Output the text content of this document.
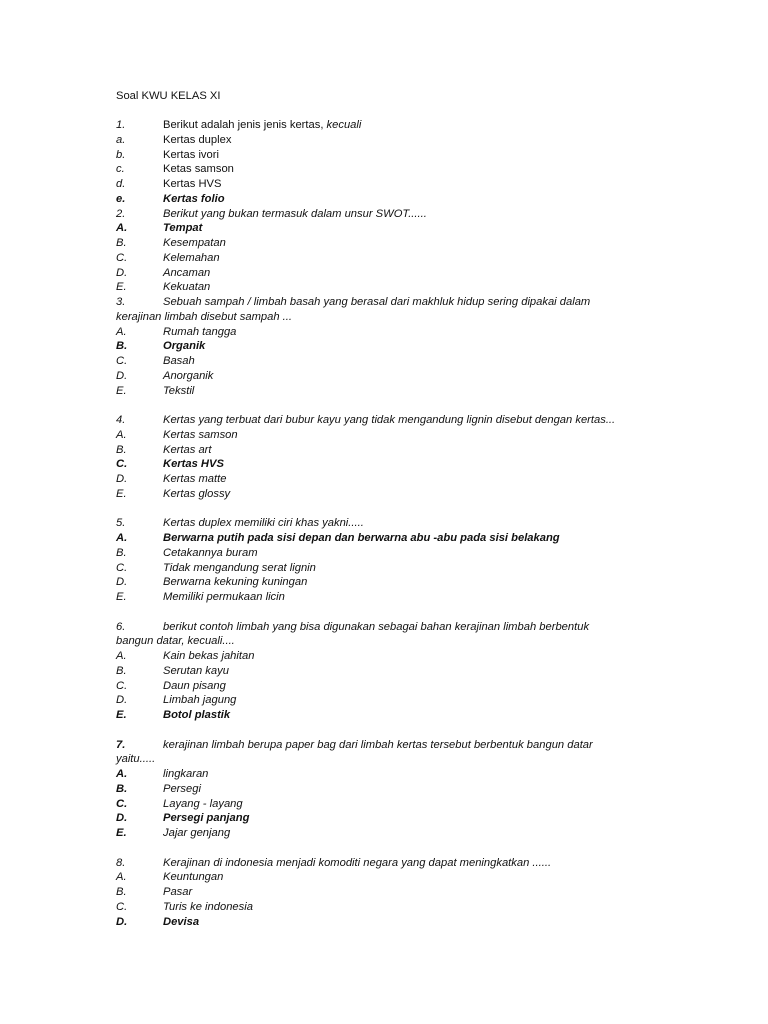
Soal KWU KELAS XI
1.	Berikut adalah jenis jenis kertas, kecuali
a.	Kertas duplex
b.	Kertas ivori
c.	Ketas samson
d.	Kertas HVS
e.	Kertas folio
2.	Berikut yang bukan termasuk dalam unsur SWOT......
A.	Tempat
B.	Kesempatan
C.	Kelemahan
D.	Ancaman
E.	Kekuatan
3.	Sebuah sampah / limbah basah yang berasal dari makhluk hidup sering dipakai dalam
kerajinan limbah disebut sampah ...
A.	Rumah tangga
B.	Organik
C.	Basah
D.	Anorganik
E.	Tekstil
4.	Kertas yang terbuat dari bubur kayu yang tidak mengandung lignin disebut dengan kertas...
A.	Kertas samson
B.	Kertas art
C.	Kertas HVS
D.	Kertas matte
E.	Kertas glossy
5.	Kertas duplex memiliki ciri khas yakni.....
A.	Berwarna putih pada sisi depan dan berwarna abu -abu pada sisi belakang
B.	Cetakannya buram
C.	Tidak mengandung serat lignin
D.	Berwarna kekuning kuningan
E.	Memiliki permukaan licin
6.	berikut contoh limbah yang bisa digunakan sebagai bahan kerajinan limbah berbentuk
bangun datar, kecuali....
A.	Kain bekas jahitan
B.	Serutan kayu
C.	Daun pisang
D.	Limbah jagung
E.	Botol plastik
7.	kerajinan limbah berupa paper bag dari limbah kertas tersebut berbentuk bangun datar
yaitu.....
A.	lingkaran
B.	Persegi
C.	Layang - layang
D.	Persegi panjang
E.	Jajar genjang
8.	Kerajinan di indonesia menjadi komoditi negara yang dapat meningkatkan ......
A.	Keuntungan
B.	Pasar
C.	Turis ke indonesia
D.	Devisa
